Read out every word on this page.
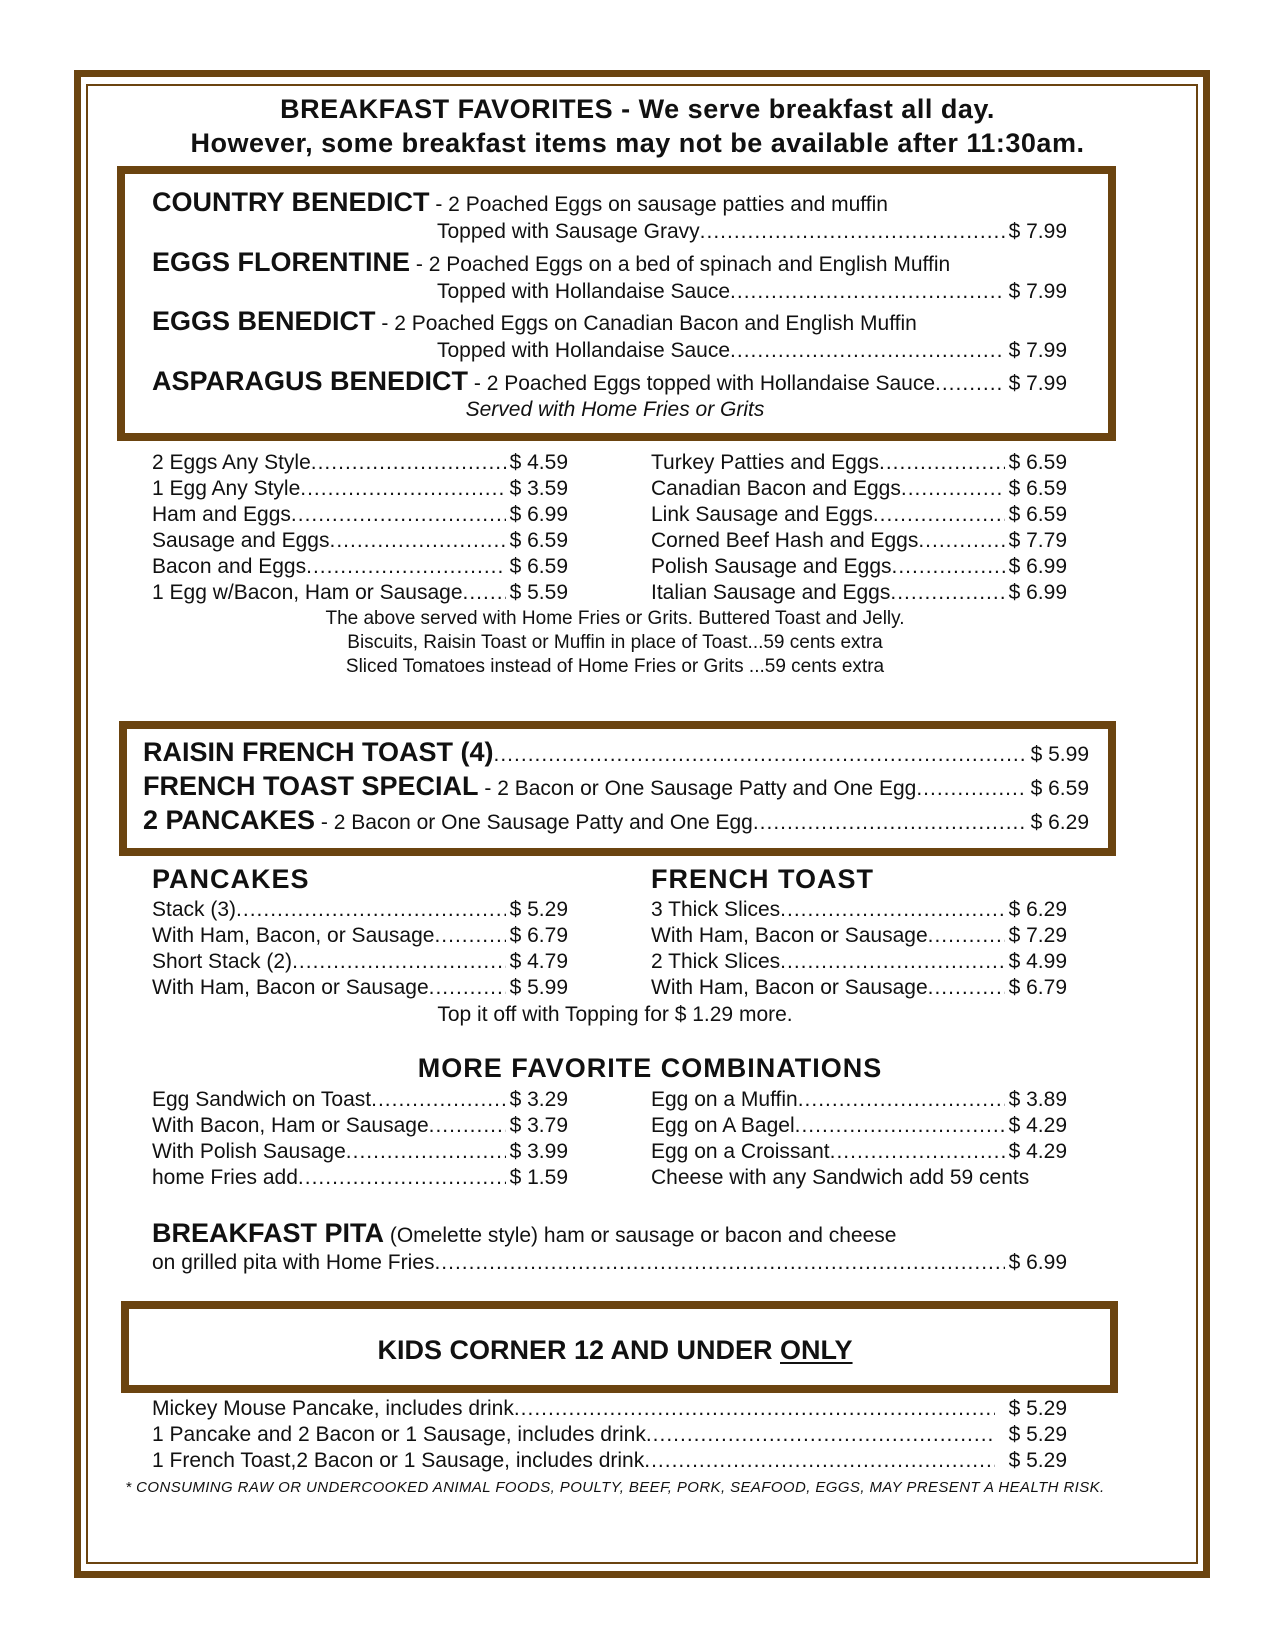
BREAKFAST FAVORITES - We serve breakfast all day.
However, some breakfast items may not be available after 11:30am.
COUNTRY BENEDICT - 2 Poached Eggs on sausage patties and muffin
Topped with Sausage Gravy .....	$ 7.99
EGGS FLORENTINE - 2 Poached Eggs on a bed of spinach and English Muffin
Topped with Hollandaise Sauce .....	$ 7.99
EGGS BENEDICT - 2 Poached Eggs on Canadian Bacon and English Muffin
Topped with Hollandaise Sauce .....	$ 7.99
ASPARAGUS BENEDICT - 2 Poached Eggs topped with Hollandaise Sauce .....	$ 7.99
Served with Home Fries or Grits
2 Eggs Any Style .....	$ 4.59
1 Egg Any Style .....	$ 3.59
Ham and Eggs .....	$ 6.99
Sausage and Eggs .....	$ 6.59
Bacon and Eggs .....	$ 6.59
1 Egg w/Bacon, Ham or Sausage ..... $ 5.59
Turkey Patties and Eggs .....	$ 6.59
Canadian Bacon and Eggs .....	$ 6.59
Link Sausage and Eggs .....	$ 6.59
Corned Beef Hash and Eggs .....	$ 7.79
Polish Sausage and Eggs .....	$ 6.99
Italian Sausage and Eggs .....	$ 6.99
The above served with Home Fries or Grits. Buttered Toast and Jelly.
Biscuits, Raisin Toast or Muffin in place of Toast...59 cents extra
Sliced Tomatoes instead of Home Fries or Grits ...59 cents extra
RAISIN FRENCH TOAST (4) .....	$ 5.99
FRENCH TOAST SPECIAL - 2 Bacon or One Sausage Patty and One Egg .....	$ 6.59
2 PANCAKES - 2 Bacon or One Sausage Patty and One Egg .....	$ 6.29
PANCAKES	FRENCH TOAST
Stack (3) .....	$ 5.29
With Ham, Bacon, or Sausage .....	$ 6.79
Short Stack (2) .....	$ 4.79
With Ham, Bacon or Sausage .....	$ 5.99
3 Thick Slices .....	$ 6.29
With Ham, Bacon or Sausage .....	$ 7.29
2 Thick Slices .....	$ 4.99
With Ham, Bacon or Sausage .....	$ 6.79
Top it off with Topping for $ 1.29 more.
MORE FAVORITE COMBINATIONS
Egg Sandwich on Toast .....	$ 3.29
With Bacon, Ham or Sausage .....	$ 3.79
With Polish Sausage .....	$ 3.99
home Fries add .....	$ 1.59
Egg on a Muffin .....	$ 3.89
Egg on A Bagel .....	$ 4.29
Egg on a Croissant .....	$ 4.29
Cheese with any Sandwich add 59 cents
BREAKFAST PITA (Omelette style) ham or sausage or bacon and cheese
on grilled pita with Home Fries .....	$ 6.99
KIDS CORNER 12 AND UNDER ONLY
Mickey Mouse Pancake, includes drink .....	$ 5.29
1 Pancake and 2 Bacon or 1 Sausage, includes drink .....	$ 5.29
1 French Toast,2 Bacon or 1 Sausage, includes drink .....	$ 5.29
* CONSUMING RAW OR UNDERCOOKED ANIMAL FOODS, POULTY, BEEF, PORK, SEAFOOD, EGGS, MAY PRESENT A HEALTH RISK.
